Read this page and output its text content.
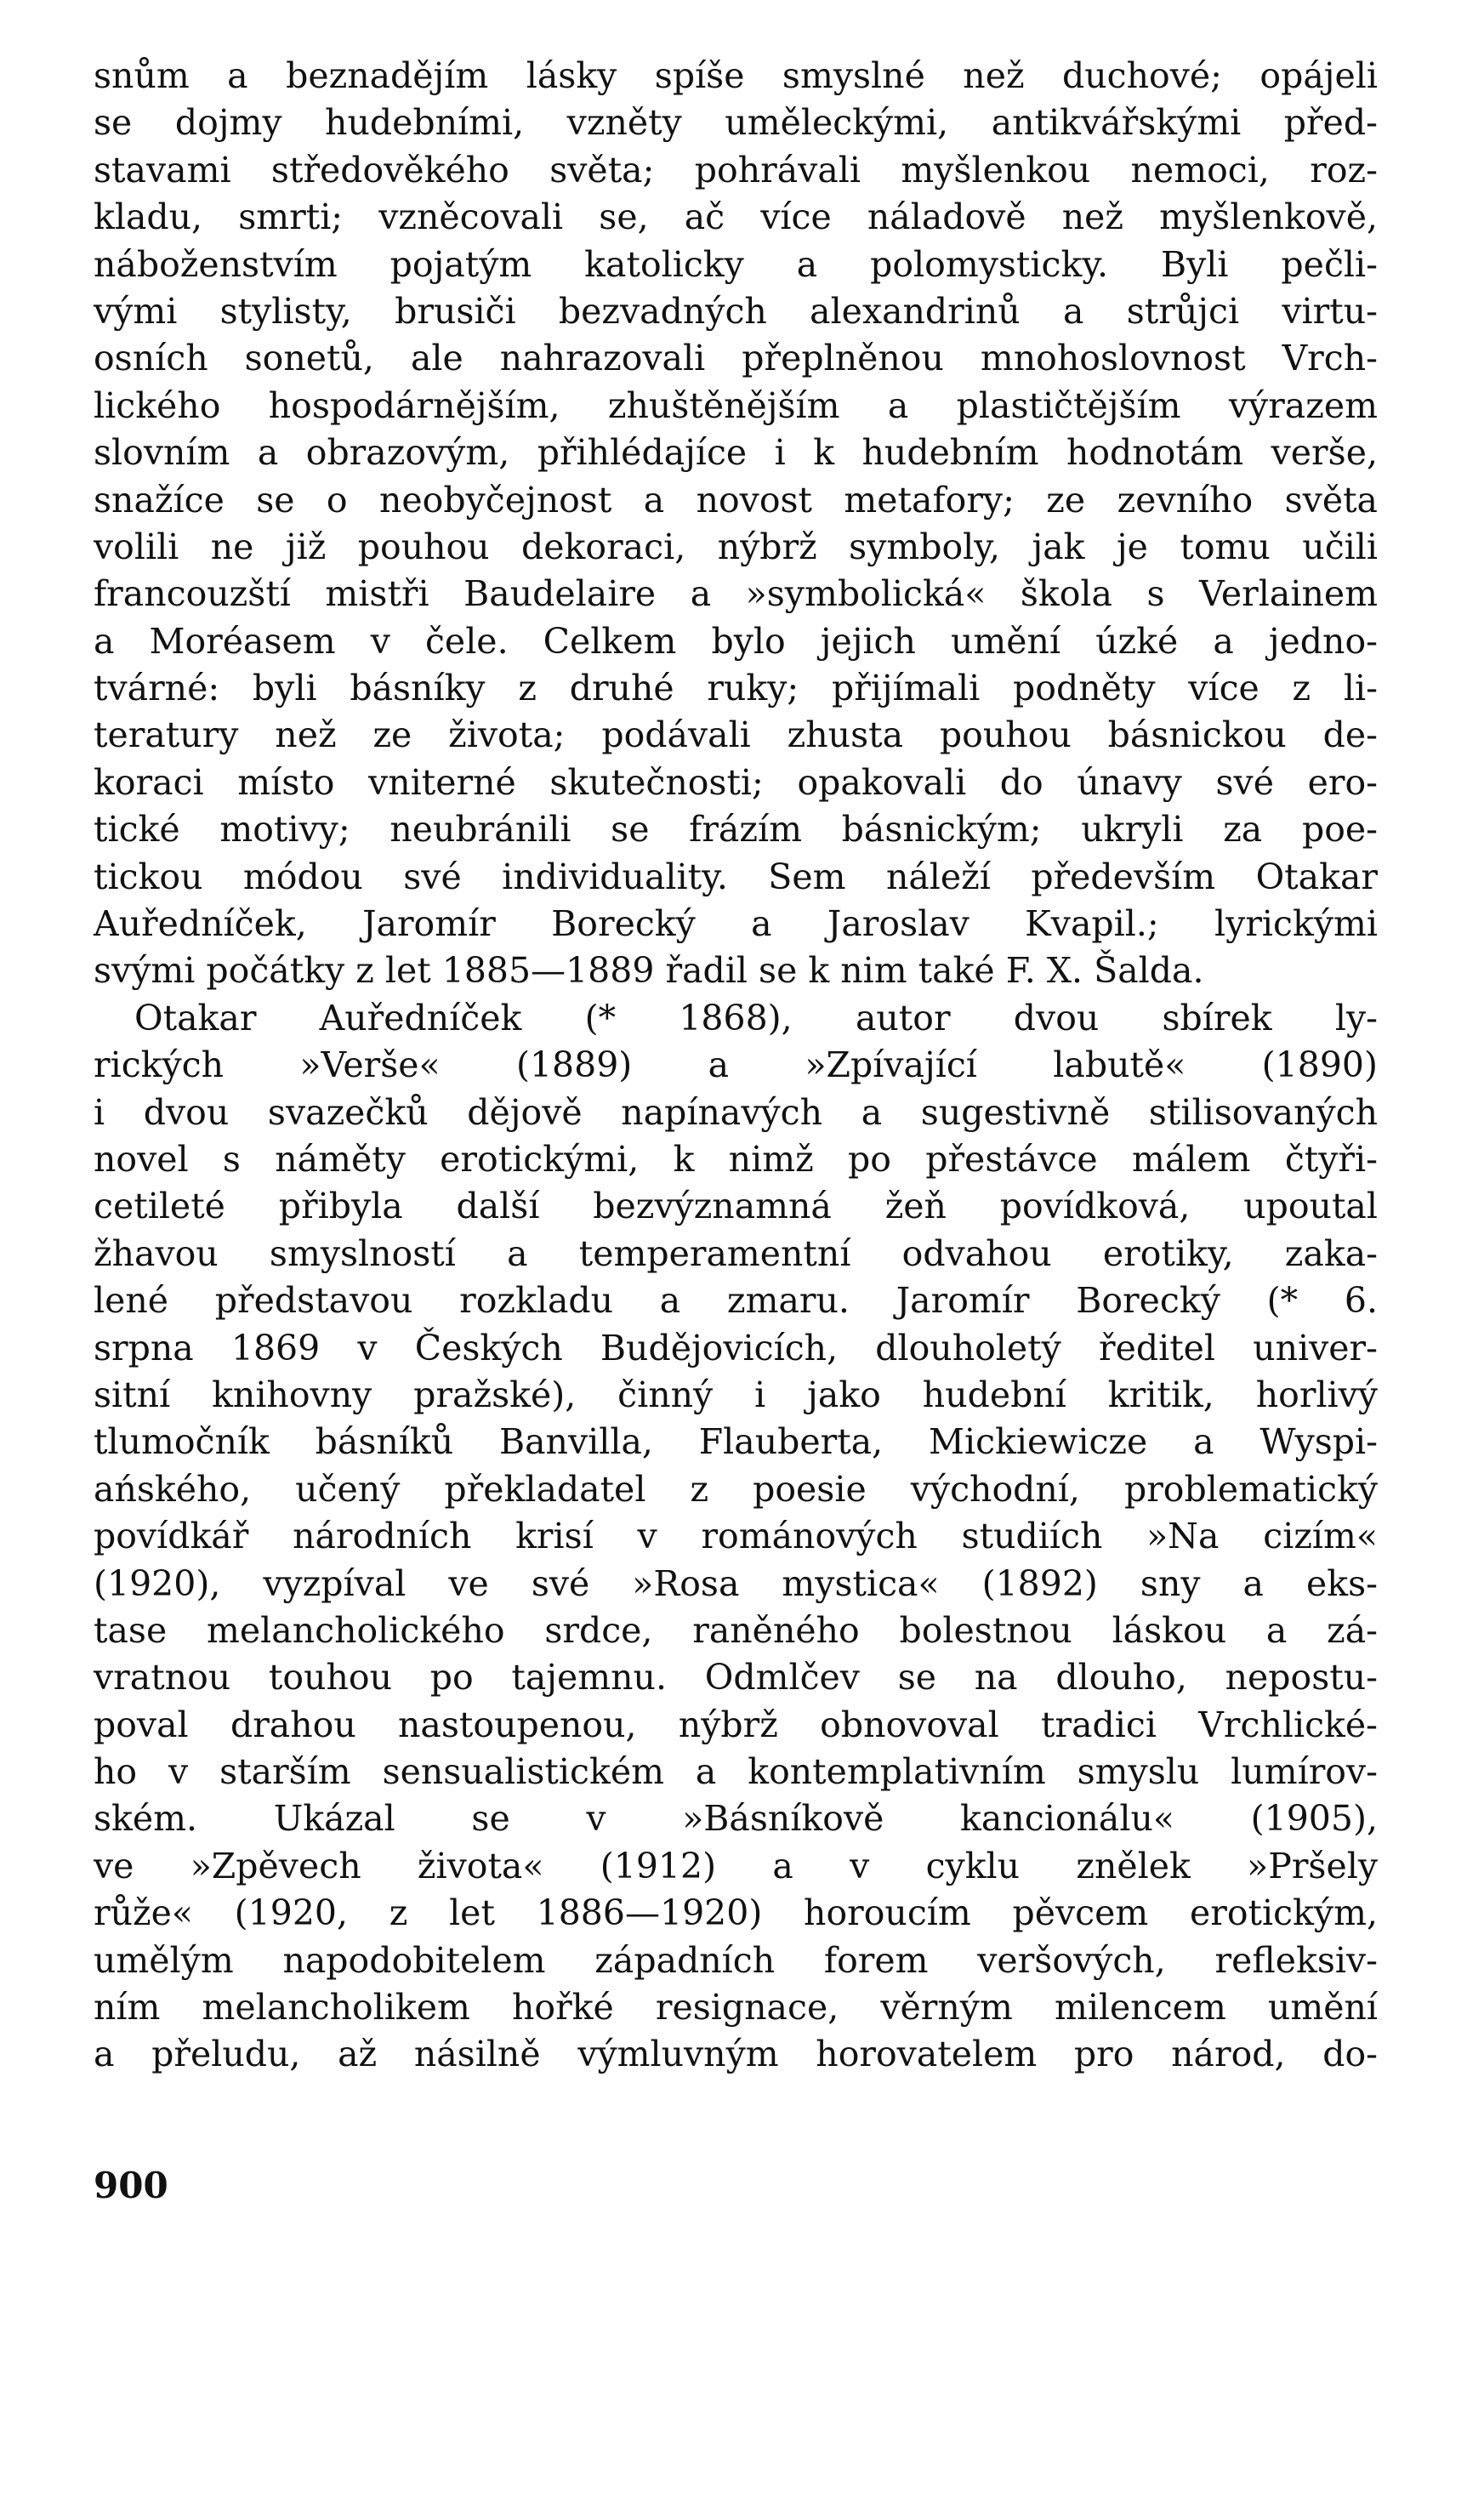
snům a beznadějím lásky spíše smyslné než duchové; opájeli
se dojmy hudebními, vzněty uměleckými, antikvářskými před-
stavami středověkého světa; pohrávali myšlenkou nemoci, roz-
kladu, smrti; vzněcovali se, ač více náladově než myšlenkově,
náboženstvím pojatým katolicky a polomysticky. Byli pečli-
vými stylisty, brusiči bezvadných alexandrinů a strůjci virtu-
osních sonetů, ale nahrazovali přeplněnou mnohoslovnost Vrch-
lického hospodárnějším, zhuštěnějším a plastičtějším výrazem
slovním a obrazovým, přihlédajíce i k hudebním hodnotám verše,
snažíce se o neobyčejnost a novost metafory; ze zevního světa
volili ne již pouhou dekoraci, nýbrž symboly, jak je tomu učili
francouzští mistři Baudelaire a »symbolická« škola s Verlainem
a Moréasem v čele. Celkem bylo jejich umění úzké a jedno-
tvárné: byli básníky z druhé ruky; přijímali podněty více z li-
teratury než ze života; podávali zhusta pouhou básnickou de-
koraci místo vniterné skutečnosti; opakovali do únavy své ero-
tické motivy; neubránili se frázím básnickým; ukryli za poe-
tickou módou své individuality. Sem náleží především Otakar
Auředníček, Jaromír Borecký a Jaroslav Kvapil.; lyrickými
svými počátky z let 1885—1889 řadil se k nim také F. X. Šalda.
Otakar Auředníček (* 1868), autor dvou sbírek ly-
rických »Verše« (1889) a »Zpívající labutě« (1890)
i dvou svazečků dějově napínavých a sugestivně stilisovaných
novel s náměty erotickými, k nimž po přestávce málem čtyři-
cetileté přibyla další bezvýznamná žeň povídková, upoutal
žhavou smyslností a temperamentní odvahou erotiky, zaka-
lené představou rozkladu a zmaru. Jaromír Borecký (* 6.
srpna 1869 v Českých Budějovicích, dlouholetý ředitel univer-
sitní knihovny pražské), činný i jako hudební kritik, horlivý
tlumočník básníků Banvilla, Flauberta, Mickiewicze a Wyspi-
ańského, učený překladatel z poesie východní, problematický
povídkář národních krisí v románových studiích »Na cizím«
(1920), vyzpíval ve své »Rosa mystica« (1892) sny a eks-
tase melancholického srdce, raněného bolestnou láskou a zá-
vratnou touhou po tajemnu. Odmlčev se na dlouho, nepostu-
poval drahou nastoupenou, nýbrž obnovoval tradici Vrchlické-
ho v starším sensualistickém a kontemplativním smyslu lumírov-
ském. Ukázal se v »Básníkově kancionálu« (1905),
ve »Zpěvech života« (1912) a v cyklu znělek »Pršely
růže« (1920, z let 1886—1920) horoucím pěvcem erotickým,
umělým napodobitelem západních forem veršových, refleksiv-
ním melancholikem hořké resignace, věrným milencem umění
a přeludu, až násilně výmluvným horovatelem pro národ, do-
900
